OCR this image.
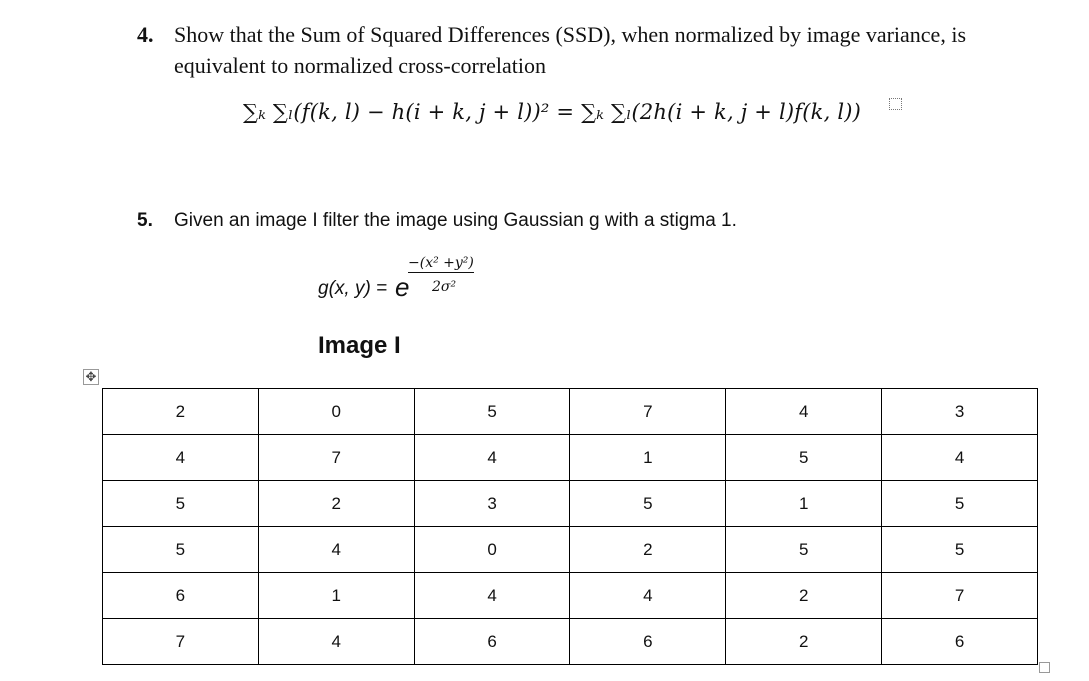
4. Show that the Sum of Squared Differences (SSD), when normalized by image variance, is equivalent to normalized cross-correlation
∑ₖ ∑ₗ(𝑓(𝑘, 𝑙) − ℎ(𝑖 + 𝑘, 𝑗 + 𝑙))² = ∑ₖ ∑ₗ(2ℎ(𝑖 + 𝑘, 𝑗 + 𝑙)𝑓(𝑘, 𝑙))
5. Given an image I filter the image using Gaussian g with a stigma 1.
g(x, y) = e
−(𝑥² +𝑦²)
2σ²
Image I
✥
2	0	5	7	4	3
4	7	4	1	5	4
5	2	3	5	1	5
5	4	0	2	5	5
6	1	4	4	2	7
7	4	6	6	2	6
